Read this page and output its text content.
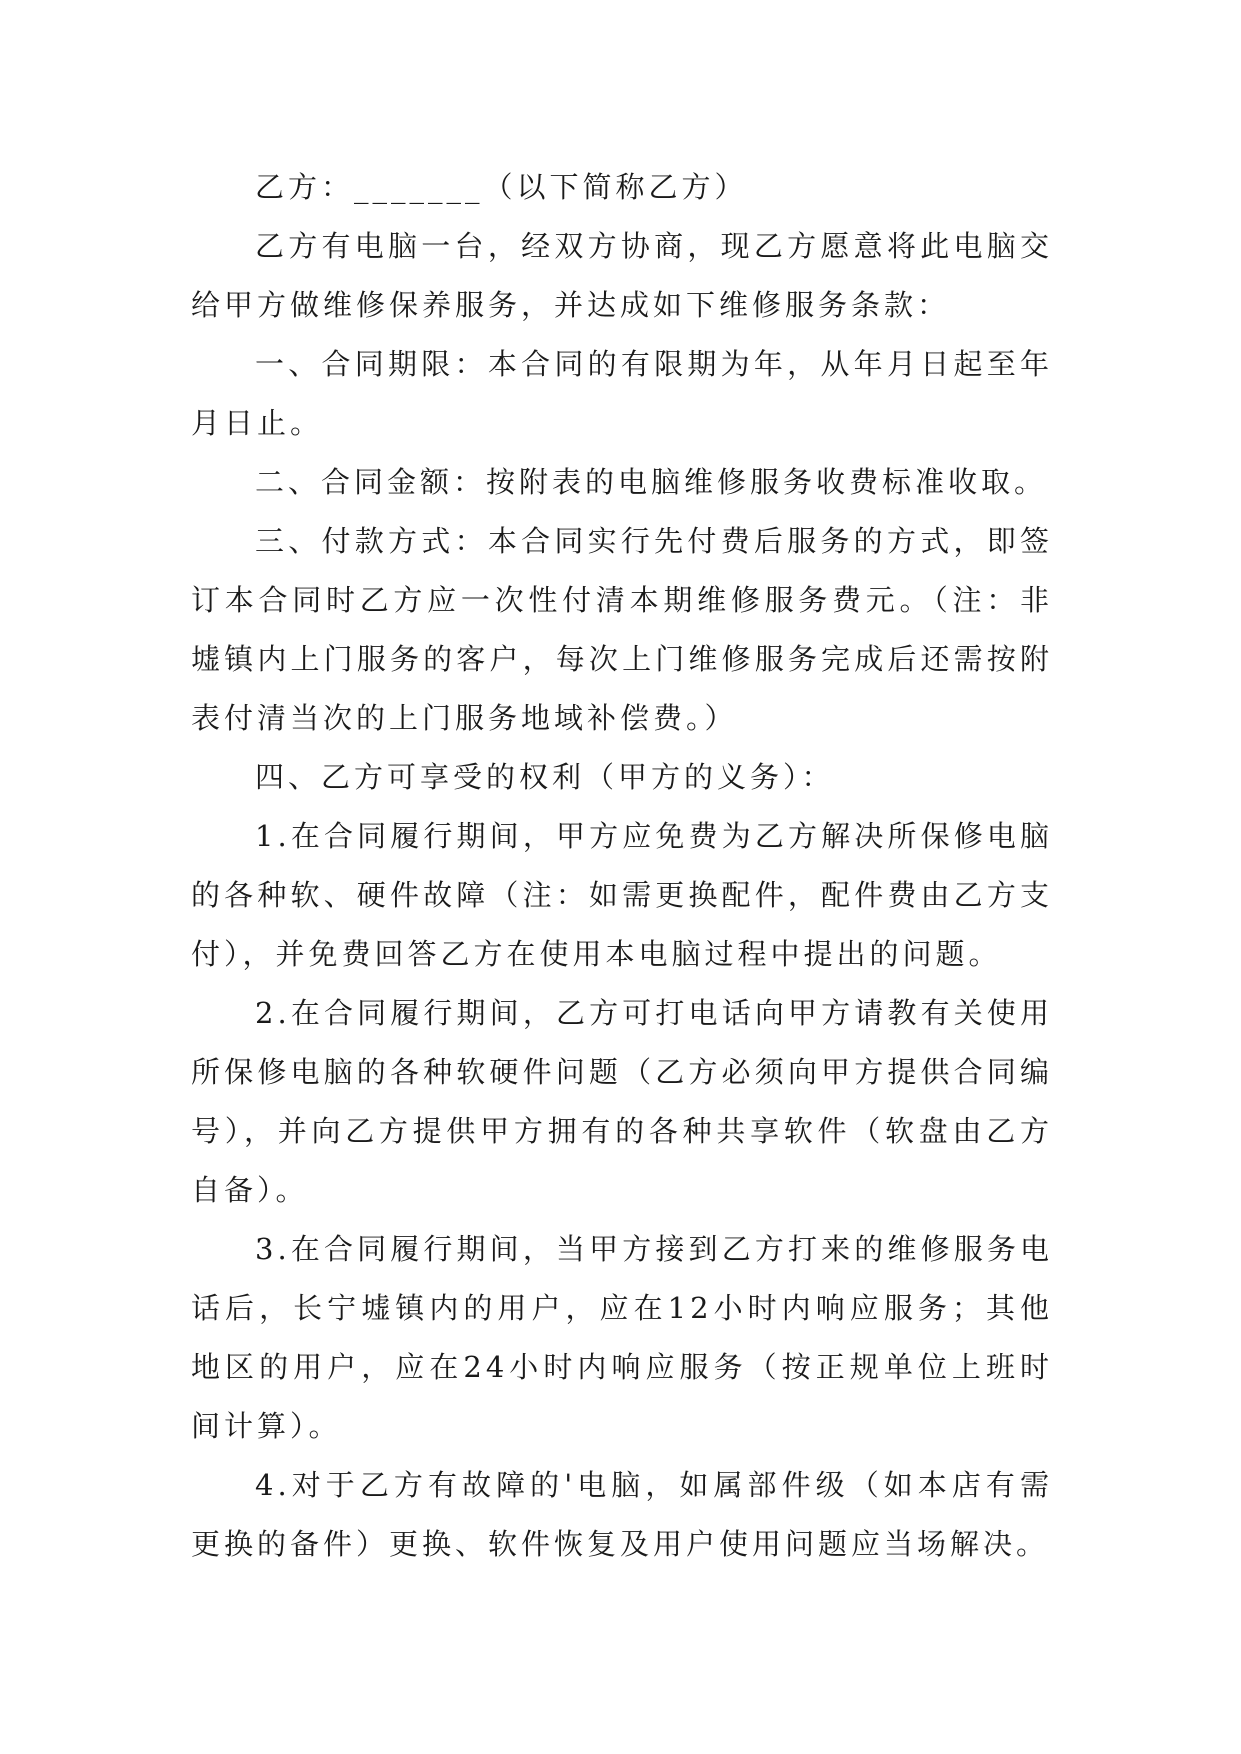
乙方：_______（以下简称乙方）

乙方有电脑一台，经双方协商，现乙方愿意将此电脑交给甲方做维修保养服务，并达成如下维修服务条款：

一、合同期限：本合同的有限期为年，从年月日起至年月日止。

二、合同金额：按附表的电脑维修服务收费标准收取。

三、付款方式：本合同实行先付费后服务的方式，即签订本合同时乙方应一次性付清本期维修服务费元。（注：非墟镇内上门服务的客户，每次上门维修服务完成后还需按附表付清当次的上门服务地域补偿费。）

四、乙方可享受的权利（甲方的义务）：

1.在合同履行期间，甲方应免费为乙方解决所保修电脑的各种软、硬件故障（注：如需更换配件，配件费由乙方支付），并免费回答乙方在使用本电脑过程中提出的问题。

2.在合同履行期间，乙方可打电话向甲方请教有关使用所保修电脑的各种软硬件问题（乙方必须向甲方提供合同编号），并向乙方提供甲方拥有的各种共享软件（软盘由乙方自备）。

3.在合同履行期间，当甲方接到乙方打来的维修服务电话后，长宁墟镇内的用户，应在12小时内响应服务；其他地区的用户，应在24小时内响应服务（按正规单位上班时间计算）。

4.对于乙方有故障的'电脑，如属部件级（如本店有需更换的备件）更换、软件恢复及用户使用问题应当场解决。
